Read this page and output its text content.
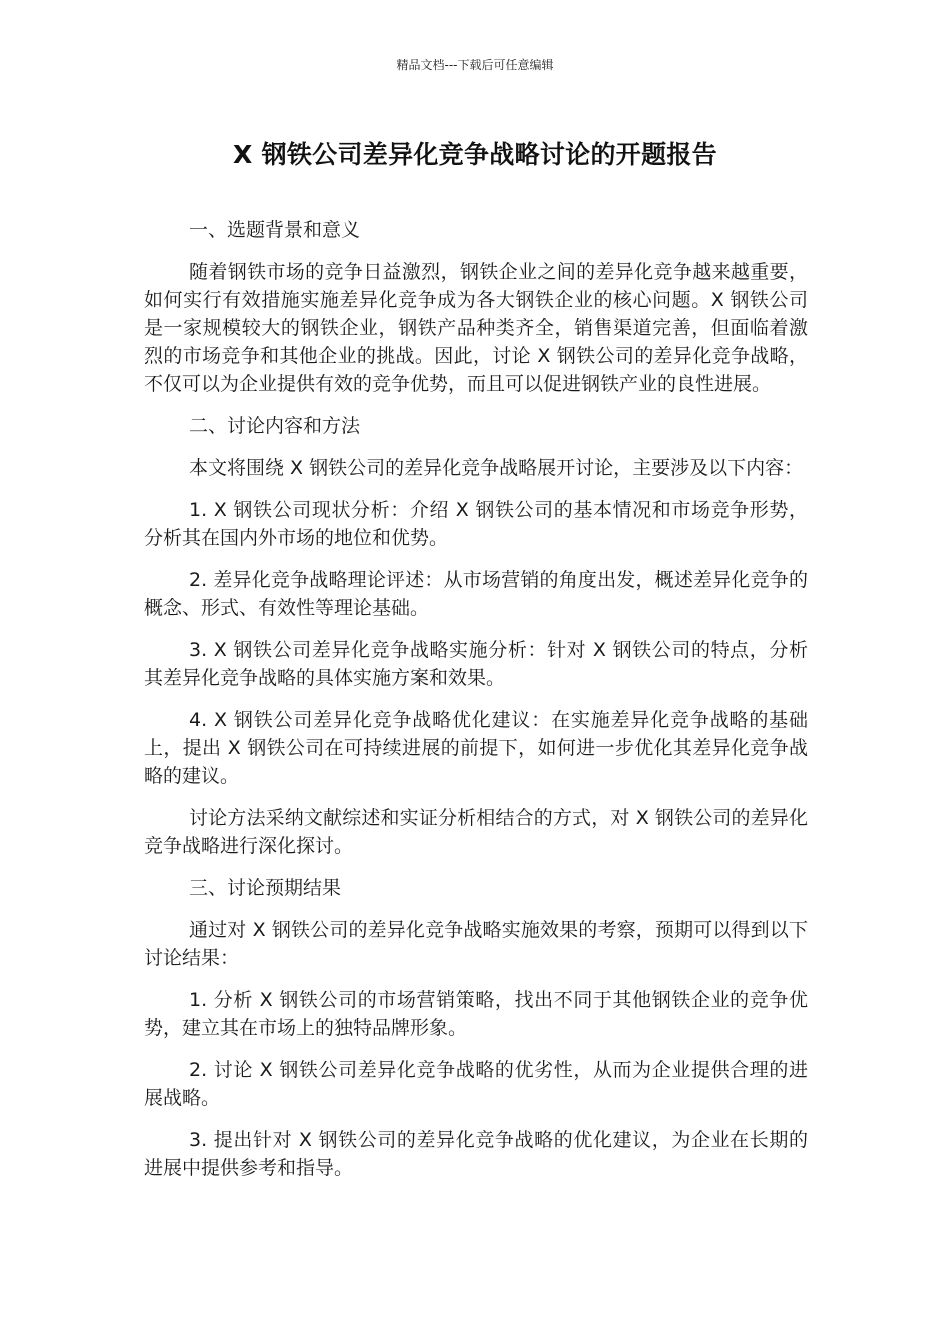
精品文档---下载后可任意编辑
X 钢铁公司差异化竞争战略讨论的开题报告

一、选题背景和意义

随着钢铁市场的竞争日益激烈，钢铁企业之间的差异化竞争越来越重要，如何实行有效措施实施差异化竞争成为各大钢铁企业的核心问题。X 钢铁公司是一家规模较大的钢铁企业，钢铁产品种类齐全，销售渠道完善，但面临着激烈的市场竞争和其他企业的挑战。因此，讨论 X 钢铁公司的差异化竞争战略，不仅可以为企业提供有效的竞争优势，而且可以促进钢铁产业的良性进展。

二、讨论内容和方法

本文将围绕 X 钢铁公司的差异化竞争战略展开讨论，主要涉及以下内容：

1. X 钢铁公司现状分析：介绍 X 钢铁公司的基本情况和市场竞争形势，分析其在国内外市场的地位和优势。

2. 差异化竞争战略理论评述：从市场营销的角度出发，概述差异化竞争的概念、形式、有效性等理论基础。

3. X 钢铁公司差异化竞争战略实施分析：针对 X 钢铁公司的特点，分析其差异化竞争战略的具体实施方案和效果。

4. X 钢铁公司差异化竞争战略优化建议：在实施差异化竞争战略的基础上，提出 X 钢铁公司在可持续进展的前提下，如何进一步优化其差异化竞争战略的建议。

讨论方法采纳文献综述和实证分析相结合的方式，对 X 钢铁公司的差异化竞争战略进行深化探讨。

三、讨论预期结果

通过对 X 钢铁公司的差异化竞争战略实施效果的考察，预期可以得到以下讨论结果：

1. 分析 X 钢铁公司的市场营销策略，找出不同于其他钢铁企业的竞争优势，建立其在市场上的独特品牌形象。

2. 讨论 X 钢铁公司差异化竞争战略的优劣性，从而为企业提供合理的进展战略。

3. 提出针对 X 钢铁公司的差异化竞争战略的优化建议，为企业在长期的进展中提供参考和指导。
